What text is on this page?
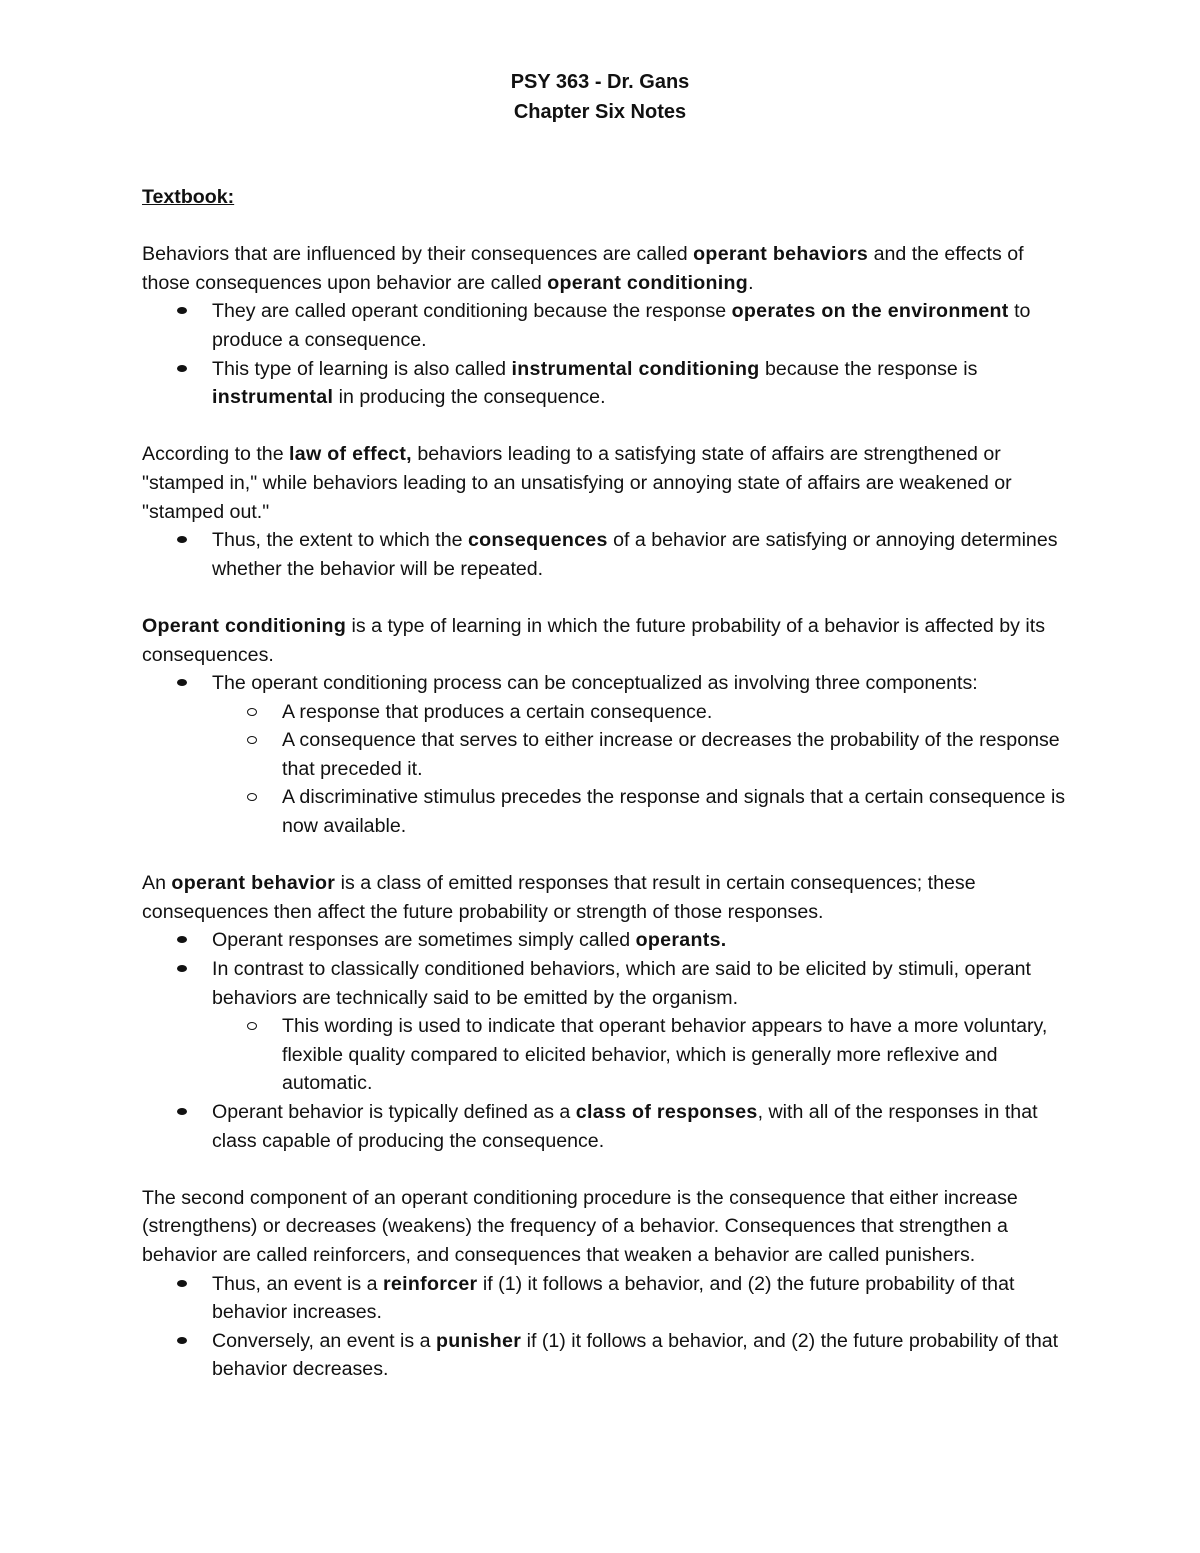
PSY 363 - Dr. Gans
Chapter Six Notes
Textbook:

Behaviors that are influenced by their consequences are called operant behaviors and the effects of those consequences upon behavior are called operant conditioning.

They are called operant conditioning because the response operates on the environment to produce a consequence.
This type of learning is also called instrumental conditioning because the response is instrumental in producing the consequence.

According to the law of effect, behaviors leading to a satisfying state of affairs are strengthened or "stamped in," while behaviors leading to an unsatisfying or annoying state of affairs are weakened or "stamped out."

Thus, the extent to which the consequences of a behavior are satisfying or annoying determines whether the behavior will be repeated.

Operant conditioning is a type of learning in which the future probability of a behavior is affected by its consequences.

The operant conditioning process can be conceptualized as involving three components:
A response that produces a certain consequence.
A consequence that serves to either increase or decreases the probability of the response that preceded it.
A discriminative stimulus precedes the response and signals that a certain consequence is now available.

An operant behavior is a class of emitted responses that result in certain consequences; these consequences then affect the future probability or strength of those responses.

Operant responses are sometimes simply called operants.
In contrast to classically conditioned behaviors, which are said to be elicited by stimuli, operant behaviors are technically said to be emitted by the organism.
This wording is used to indicate that operant behavior appears to have a more voluntary, flexible quality compared to elicited behavior, which is generally more reflexive and automatic.
Operant behavior is typically defined as a class of responses, with all of the responses in that class capable of producing the consequence.

The second component of an operant conditioning procedure is the consequence that either increase (strengthens) or decreases (weakens) the frequency of a behavior. Consequences that strengthen a behavior are called reinforcers, and consequences that weaken a behavior are called punishers.

Thus, an event is a reinforcer if (1) it follows a behavior, and (2) the future probability of that behavior increases.
Conversely, an event is a punisher if (1) it follows a behavior, and (2) the future probability of that behavior decreases.
